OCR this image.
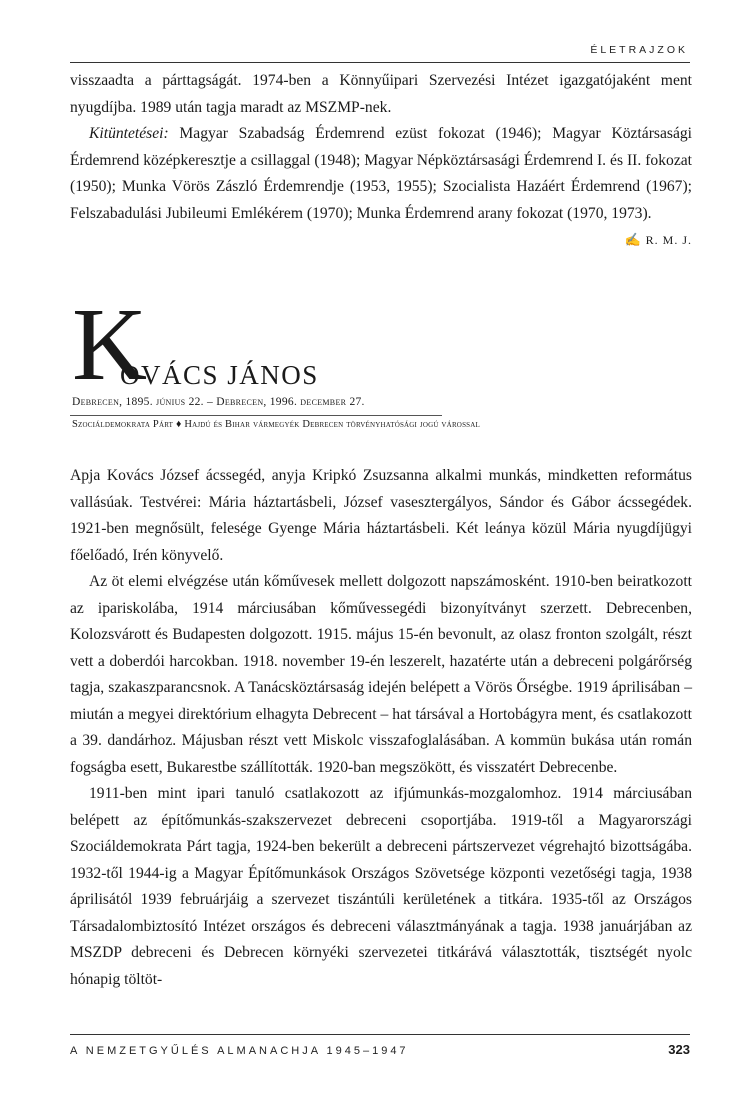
ÉLETRAJZOK

visszaadta a párttagságát. 1974-ben a Könnyűipari Szervezési Intézet igazgatójaként ment nyugdíjba. 1989 után tagja maradt az MSZMP-nek.

Kitüntetései: Magyar Szabadság Érdemrend ezüst fokozat (1946); Magyar Köztársasági Érdemrend középkeresztje a csillaggal (1948); Magyar Népköztársasági Érdemrend I. és II. fokozat (1950); Munka Vörös Zászló Érdemrendje (1953, 1955); Szocialista Hazáért Érdemrend (1967); Felszabadulási Jubileumi Emlékérem (1970); Munka Érdemrend arany fokozat (1970, 1973).
✍ R. M. J.

K
OVÁCS JÁNOS
Debrecen, 1895. június 22. – Debrecen, 1996. december 27.
Szociáldemokrata Párt ♦ Hajdú és Bihar vármegyék Debrecen törvényhatósági jogú várossal

Apja Kovács József ácssegéd, anyja Kripkó Zsuzsanna alkalmi munkás, mindketten református vallásúak. Testvérei: Mária háztartásbeli, József vasesztergályos, Sándor és Gábor ácssegédek. 1921-ben megnősült, felesége Gyenge Mária háztartásbeli. Két leánya közül Mária nyugdíjügyi főelőadó, Irén könyvelő.

Az öt elemi elvégzése után kőművesek mellett dolgozott napszámosként. 1910-ben beiratkozott az ipariskolába, 1914 márciusában kőművessegédi bizonyítványt szerzett. Debrecenben, Kolozsvárott és Budapesten dolgozott. 1915. május 15-én bevonult, az olasz fronton szolgált, részt vett a doberdói harcokban. 1918. november 19-én leszerelt, hazatérte után a debreceni polgárőrség tagja, szakaszparancsnok. A Tanácsköztársaság idején belépett a Vörös Őrségbe. 1919 áprilisában – miután a megyei direktórium elhagyta Debrecent – hat társával a Hortobágyra ment, és csatlakozott a 39. dandárhoz. Májusban részt vett Miskolc visszafoglalásában. A kommün bukása után román fogságba esett, Bukarestbe szállították. 1920-ban megszökött, és visszatért Debrecenbe.

1911-ben mint ipari tanuló csatlakozott az ifjúmunkás-mozgalomhoz. 1914 márciusában belépett az építőmunkás-szakszervezet debreceni csoportjába. 1919-től a Magyarországi Szociáldemokrata Párt tagja, 1924-ben bekerült a debreceni pártszervezet végrehajtó bizottságába. 1932-től 1944-ig a Magyar Építőmunkások Országos Szövetsége központi vezetőségi tagja, 1938 áprilisától 1939 februárjáig a szervezet tiszántúli kerületének a titkára. 1935-től az Országos Társadalombiztosító Intézet országos és debreceni választmányának a tagja. 1938 januárjában az MSZDP debreceni és Debrecen környéki szervezetei titkárává választották, tisztségét nyolc hónapig töltöt-

A NEMZETGYŰLÉS ALMANACHJA 1945–1947	323
